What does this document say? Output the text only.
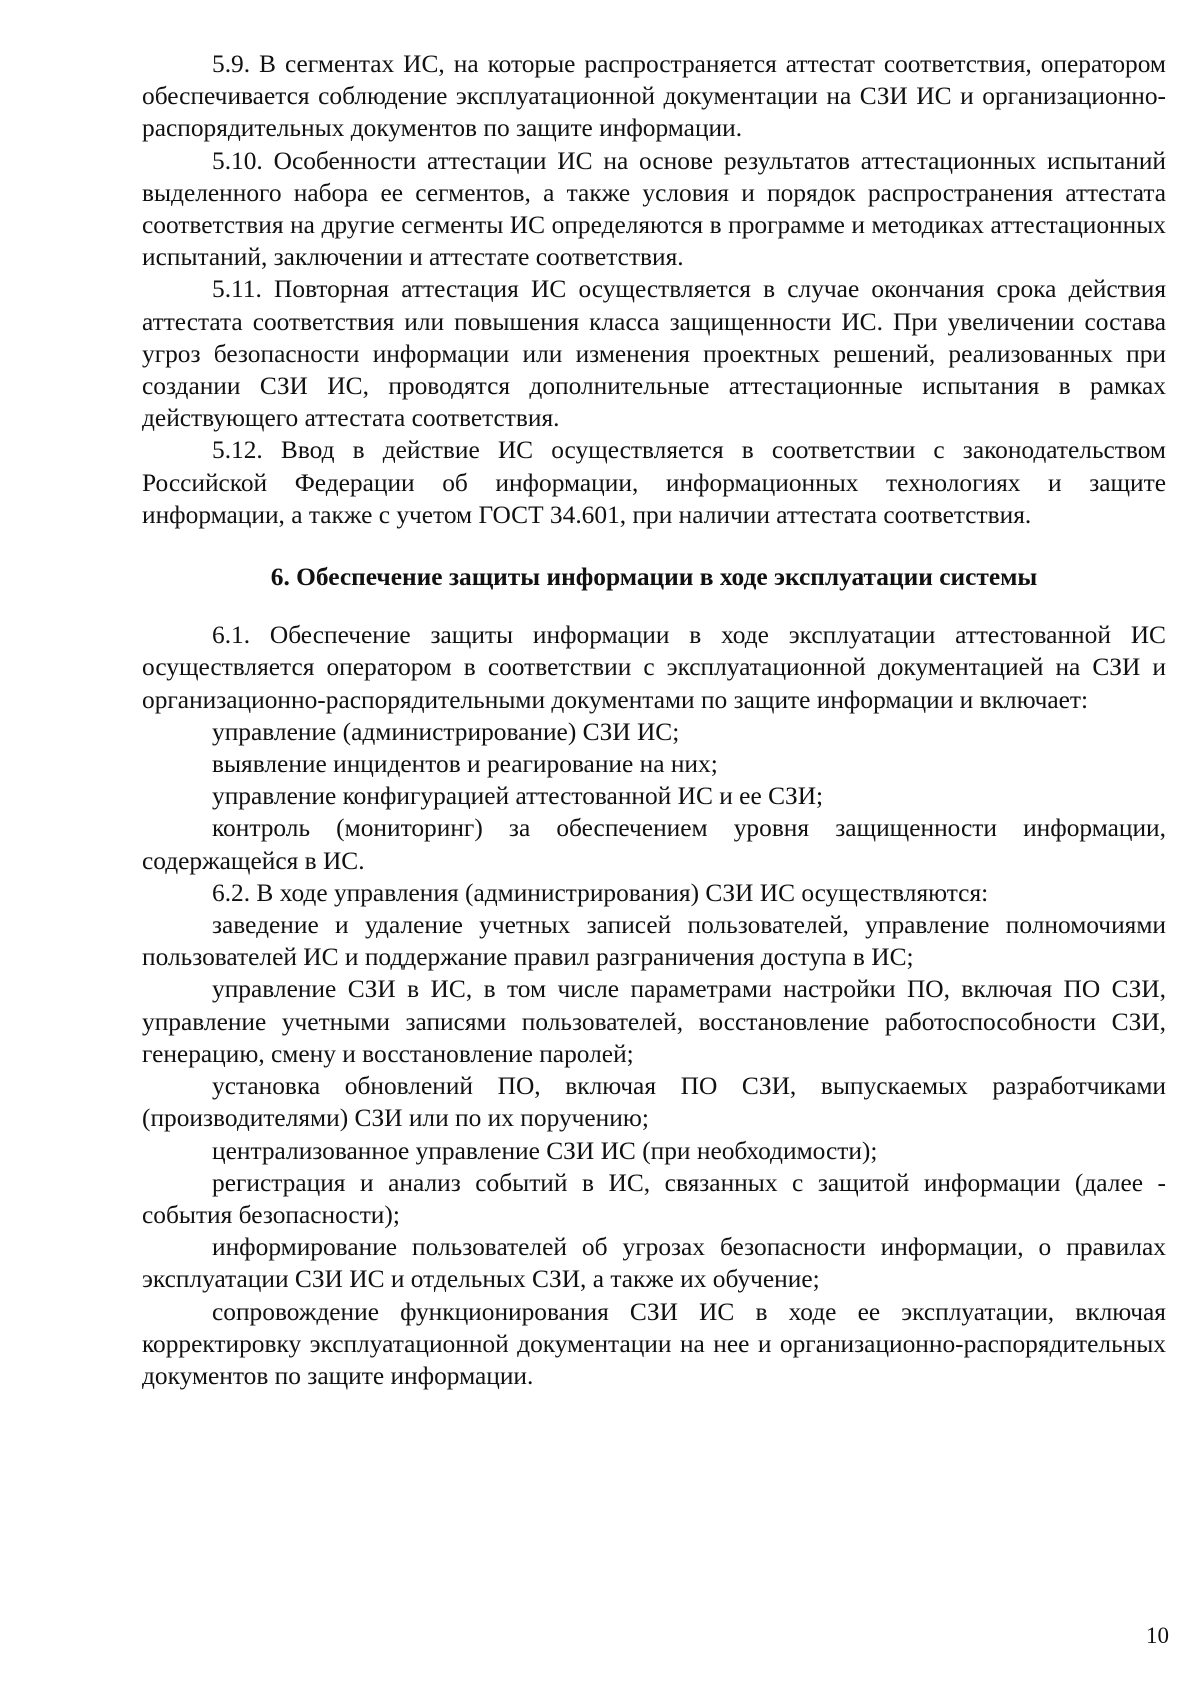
5.9. В сегментах ИС, на которые распространяется аттестат соответствия, оператором обеспечивается соблюдение эксплуатационной документации на СЗИ ИС и организационно-распорядительных документов по защите информации.

5.10. Особенности аттестации ИС на основе результатов аттестационных испытаний выделенного набора ее сегментов, а также условия и порядок распространения аттестата соответствия на другие сегменты ИС определяются в программе и методиках аттестационных испытаний, заключении и аттестате соответствия.

5.11. Повторная аттестация ИС осуществляется в случае окончания срока действия аттестата соответствия или повышения класса защищенности ИС. При увеличении состава угроз безопасности информации или изменения проектных решений, реализованных при создании СЗИ ИС, проводятся дополнительные аттестационные испытания в рамках действующего аттестата соответствия.

5.12. Ввод в действие ИС осуществляется в соответствии с законодательством Российской Федерации об информации, информационных технологиях и защите информации, а также с учетом ГОСТ 34.601, при наличии аттестата соответствия.

6. Обеспечение защиты информации в ходе эксплуатации системы

6.1. Обеспечение защиты информации в ходе эксплуатации аттестованной ИС осуществляется оператором в соответствии с эксплуатационной документацией на СЗИ и организационно-распорядительными документами по защите информации и включает:

управление (администрирование) СЗИ ИС;

выявление инцидентов и реагирование на них;

управление конфигурацией аттестованной ИС и ее СЗИ;

контроль (мониторинг) за обеспечением уровня защищенности информации, содержащейся в ИС.

6.2. В ходе управления (администрирования) СЗИ ИС осуществляются:

заведение и удаление учетных записей пользователей, управление полномочиями пользователей ИС и поддержание правил разграничения доступа в ИС;

управление СЗИ в ИС, в том числе параметрами настройки ПО, включая ПО СЗИ, управление учетными записями пользователей, восстановление работоспособности СЗИ, генерацию, смену и восстановление паролей;

установка обновлений ПО, включая ПО СЗИ, выпускаемых разработчиками (производителями) СЗИ или по их поручению;

централизованное управление СЗИ ИС (при необходимости);

регистрация и анализ событий в ИС, связанных с защитой информации (далее - события безопасности);

информирование пользователей об угрозах безопасности информации, о правилах эксплуатации СЗИ ИС и отдельных СЗИ, а также их обучение;

сопровождение функционирования СЗИ ИС в ходе ее эксплуатации, включая корректировку эксплуатационной документации на нее и организационно-распорядительных документов по защите информации.

10
